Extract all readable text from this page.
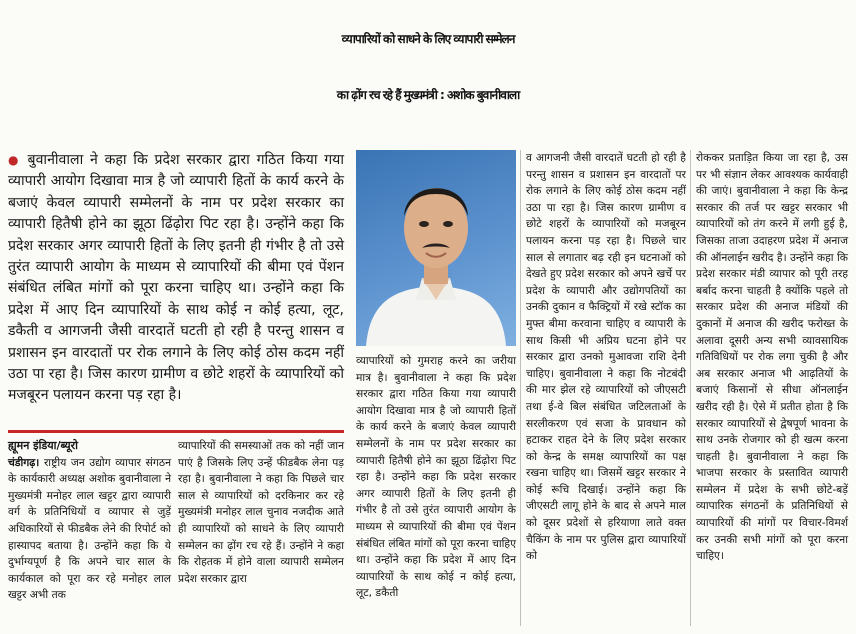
व्यापारियों को साधने के लिए व्यापारी सम्मेलन
का ढ़ोंग रच रहे हैं मुख्यमंत्री : अशोक बुवानीवाला
● बुवानीवाला ने कहा कि प्रदेश सरकार द्वारा गठित किया गया व्यापारी आयोग दिखावा मात्र है जो व्यापारी हितों के कार्य करने के बजाएं केवल व्यापारी सम्मेलनों के नाम पर प्रदेश सरकार का व्यापारी हितैषी होने का झूठा ढिंढ़ोरा पिट रहा है। उन्होंने कहा कि प्रदेश सरकार अगर व्यापारी हितों के लिए इतनी ही गंभीर है तो उसे तुरंत व्यापारी आयोग के माध्यम से व्यापारियों की बीमा एवं पेंशन संबंधित लंबित मांगों को पूरा करना चाहिए था। उन्होंने कहा कि प्रदेश में आए दिन व्यापारियों के साथ कोई न कोई हत्या, लूट, डकैती व आगजनी जैसी वारदातें घटती हो रही है परन्तु शासन व प्रशासन इन वारदातों पर रोक लगाने के लिए कोई ठोस कदम नहीं उठा पा रहा है। जिस कारण ग्रामीण व छोटे शहरों के व्यापारियों को मजबूरन पलायन करना पड़ रहा है।
ह्यूमन इंडिया/ब्यूरो
चंडीगढ़। राष्ट्रीय जन उद्योग व्यापार संगठन के कार्यकारी अध्यक्ष अशोक बुवानीवाला ने मुख्यमंत्री मनोहर लाल खट्टर द्वारा व्यापारी वर्ग के प्रतिनिधियों व व्यापार से जुड़ें अधिकारियों से फीडबैक लेने की रिपोर्ट को हास्यापद बताया है। उन्होंने कहा कि ये दुर्भाग्यपूर्ण है कि अपने चार साल के कार्यकाल को पूरा कर रहे मनोहर लाल खट्टर अभी तक
व्यापारियों की समस्याओं तक को नहीं जान पाएं है जिसके लिए उन्हें फीडबैक लेना पड़ रहा है। बुवानीवाला ने कहा कि पिछले चार साल से व्यापारियों को दरकिनार कर रहे मुख्यमंत्री मनोहर लाल चुनाव नजदीक आते ही व्यापारियों को साधने के लिए व्यापारी सम्मेलन का ढ़ोंग रच रहे हैं। उन्होंने ने कहा कि रोहतक में होने वाला व्यापारी सम्मेलन प्रदेश सरकार द्वारा
व्यापारियों को गुमराह करने का जरीया मात्र है। बुवानीवाला ने कहा कि प्रदेश सरकार द्वारा गठित किया गया व्यापारी आयोग दिखावा मात्र है जो व्यापारी हितों के कार्य करने के बजाएं केवल व्यापारी सम्मेलनों के नाम पर प्रदेश सरकार का व्यापारी हितैषी होने का झूठा ढिंढ़ोरा पिट रहा है। उन्होंने कहा कि प्रदेश सरकार अगर व्यापारी हितों के लिए इतनी ही गंभीर है तो उसे तुरंत व्यापारी आयोग के माध्यम से व्यापारियों की बीमा एवं पेंशन संबंधित लंबित मांगों को पूरा करना चाहिए था। उन्होंने कहा कि प्रदेश में आए दिन व्यापारियों के साथ कोई न कोई हत्या, लूट, डकैती
व आगजनी जैसी वारदातें घटती हो रही है परन्तु शासन व प्रशासन इन वारदातों पर रोक लगाने के लिए कोई ठोस कदम नहीं उठा पा रहा है। जिस कारण ग्रामीण व छोटे शहरों के व्यापारियों को मजबूरन पलायन करना पड़ रहा है। पिछले चार साल से लगातार बढ़ रही इन घटनाओं को देखते हुए प्रदेश सरकार को अपने खर्चे पर प्रदेश के व्यापारी और उद्योगपतियों का उनकी दुकान व फैक्ट्रियों में रखे स्टॉक का मुफ्त बीमा करवाना चाहिए व व्यापारी के साथ किसी भी अप्रिय घटना होने पर सरकार द्वारा उनको मुआवजा राशि देनी चाहिए। बुवानीवाला ने कहा कि नोटबंदी की मार झेल रहे व्यापारियों को जीएसटी तथा ई-वे बिल संबंधित जटिलताओं के सरलीकरण एवं सजा के प्रावधान को हटाकर राहत देने के लिए प्रदेश सरकार को केन्द्र के समक्ष व्यापारियों का पक्ष रखना चाहिए था। जिसमें खट्टर सरकार ने कोई रूचि दिखाई। उन्होंने कहा कि जीएसटी लागू होने के बाद से अपने माल को दूसर प्रदेशों से हरियाणा लाते वक्त चैकिंग के नाम पर पुलिस द्वारा व्यापारियों को
रोककर प्रताड़ित किया जा रहा है, उस पर भी संज्ञान लेकर आवश्यक कार्यवाही की जाएं। बुवानीवाला ने कहा कि केन्द्र सरकार की तर्ज पर खट्टर सरकार भी व्यापारियों को तंग करने में लगी हुई है, जिसका ताजा उदाहरण प्रदेश में अनाज की ऑनलाईन खरीद है। उन्होंने कहा कि प्रदेश सरकार मंडी व्यापार को पूरी तरह बर्बाद करना चाहती है क्योंकि पहले तो सरकार प्रदेश की अनाज मंडियों की दुकानों में अनाज की खरीद फरोख्त के अलावा दूसरी अन्य सभी व्यावसायिक गतिविधियों पर रोक लगा चुकी है और अब सरकार अनाज भी आढ़तियों के बजाएं किसानों से सीधा ऑनलाईन खरीद रही है। ऐसे में प्रतीत होता है कि सरकार व्यापारियों से द्वेषपूर्ण भावना के साथ उनके रोजगार को ही खत्म करना चाहती है। बुवानीवाला ने कहा कि भाजपा सरकार के प्रस्तावित व्यापारी सम्मेलन में प्रदेश के सभी छोटे-बड़ें व्यापारिक संगठनों के प्रतिनिधियों से व्यापारियों की मांगों पर विचार-विमर्श कर उनकी सभी मांगों को पूरा करना चाहिए।
